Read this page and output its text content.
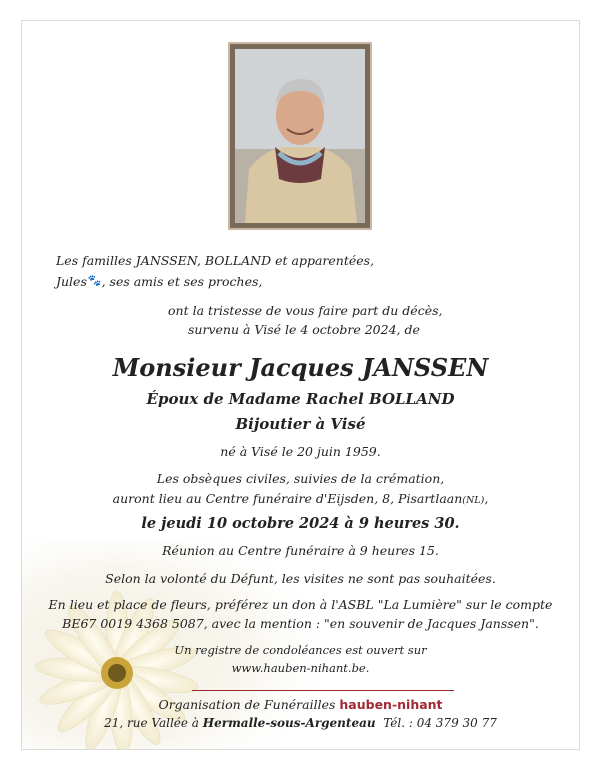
Les familles JANSSEN, BOLLAND et apparentées,
Jules🐾, ses amis et ses proches,
ont la tristesse de vous faire part du décès,
survenu à Visé le 4 octobre 2024, de
Monsieur Jacques JANSSEN
Époux de Madame Rachel BOLLAND
Bijoutier à Visé
né à Visé le 20 juin 1959.
Les obsèques civiles, suivies de la crémation,
auront lieu au Centre funéraire d'Eijsden, 8, Pisartlaan(NL),
le jeudi 10 octobre 2024 à 9 heures 30.
Réunion au Centre funéraire à 9 heures 15.
Selon la volonté du Défunt, les visites ne sont pas souhaitées.
En lieu et place de fleurs, préférez un don à l'ASBL "La Lumière" sur le compte
BE67 0019 4368 5087, avec la mention : "en souvenir de Jacques Janssen".
Un registre de condoléances est ouvert sur
www.hauben-nihant.be.
Organisation de Funérailles hauben-nihant
21, rue Vallée à Hermalle-sous-Argenteau Tél. : 04 379 30 77
